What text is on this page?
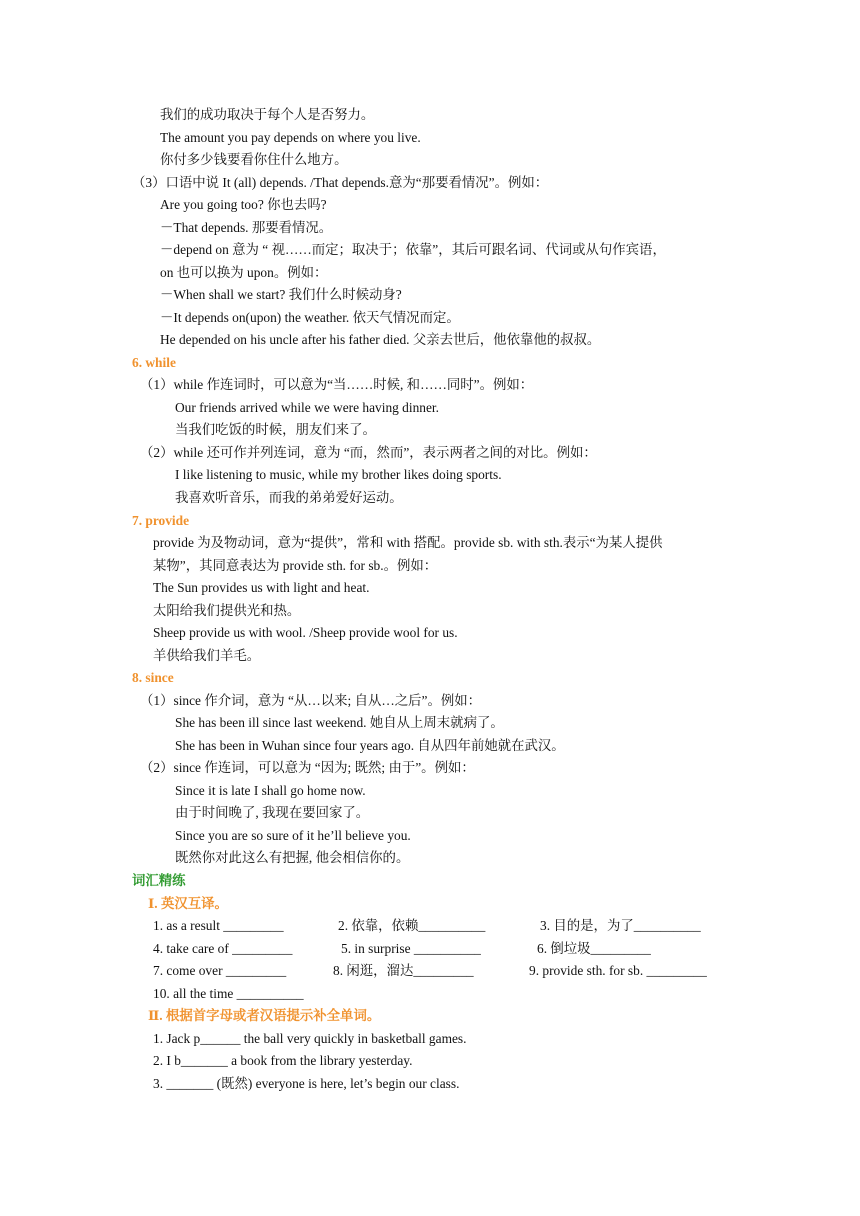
我们的成功取决于每个人是否努力。
The amount you pay depends on where you live.
你付多少钱要看你住什么地方。
（3）口语中说 It (all) depends. /That depends.意为“那要看情况”。例如：
Are you going too? 你也去吗?
－That depends. 那要看情况。
－depend on 意为 “ 视……而定；取决于；依靠”，其后可跟名词、代词或从句作宾语，
on 也可以换为 upon。例如：
－When shall we start? 我们什么时候动身?
－It depends on(upon) the weather. 依天气情况而定。
He depended on his uncle after his father died. 父亲去世后，他依靠他的叔叔。
6. while
（1）while 作连词时，可以意为“当……时候, 和……同时”。例如：
Our friends arrived while we were having dinner.
当我们吃饭的时候，朋友们来了。
（2）while 还可作并列连词，意为 “而，然而”，表示两者之间的对比。例如：
I like listening to music, while my brother likes doing sports.
我喜欢听音乐，而我的弟弟爱好运动。
7. provide
provide 为及物动词，意为“提供”，常和 with 搭配。provide sb. with sth.表示“为某人提供
某物”，其同意表达为 provide sth. for sb.。例如：
The Sun provides us with light and heat.
太阳给我们提供光和热。
Sheep provide us with wool. /Sheep provide wool for us.
羊供给我们羊毛。
8. since
（1）since 作介词，意为 “从…以来; 自从…之后”。例如：
She has been ill since last weekend. 她自从上周末就病了。
She has been in Wuhan since four years ago. 自从四年前她就在武汉。
（2）since 作连词，可以意为 “因为; 既然; 由于”。例如：
Since it is late I shall go home now.
由于时间晚了, 我现在要回家了。
Since you are so sure of it he’ll believe you.
既然你对此这么有把握, 他会相信你的。
词汇精练
Ⅰ. 英汉互译。
1. as a result _________	2. 依靠，依赖__________	3. 目的是，为了__________
4. take care of _________	5. in surprise __________	6. 倒垃圾_________
7. come over _________	8. 闲逛，溜达_________	9. provide sth. for sb. _________
10. all the time __________
Ⅱ. 根据首字母或者汉语提示补全单词。
1. Jack p______ the ball very quickly in basketball games.
2. I b_______ a book from the library yesterday.
3. _______ (既然) everyone is here, let’s begin our class.
